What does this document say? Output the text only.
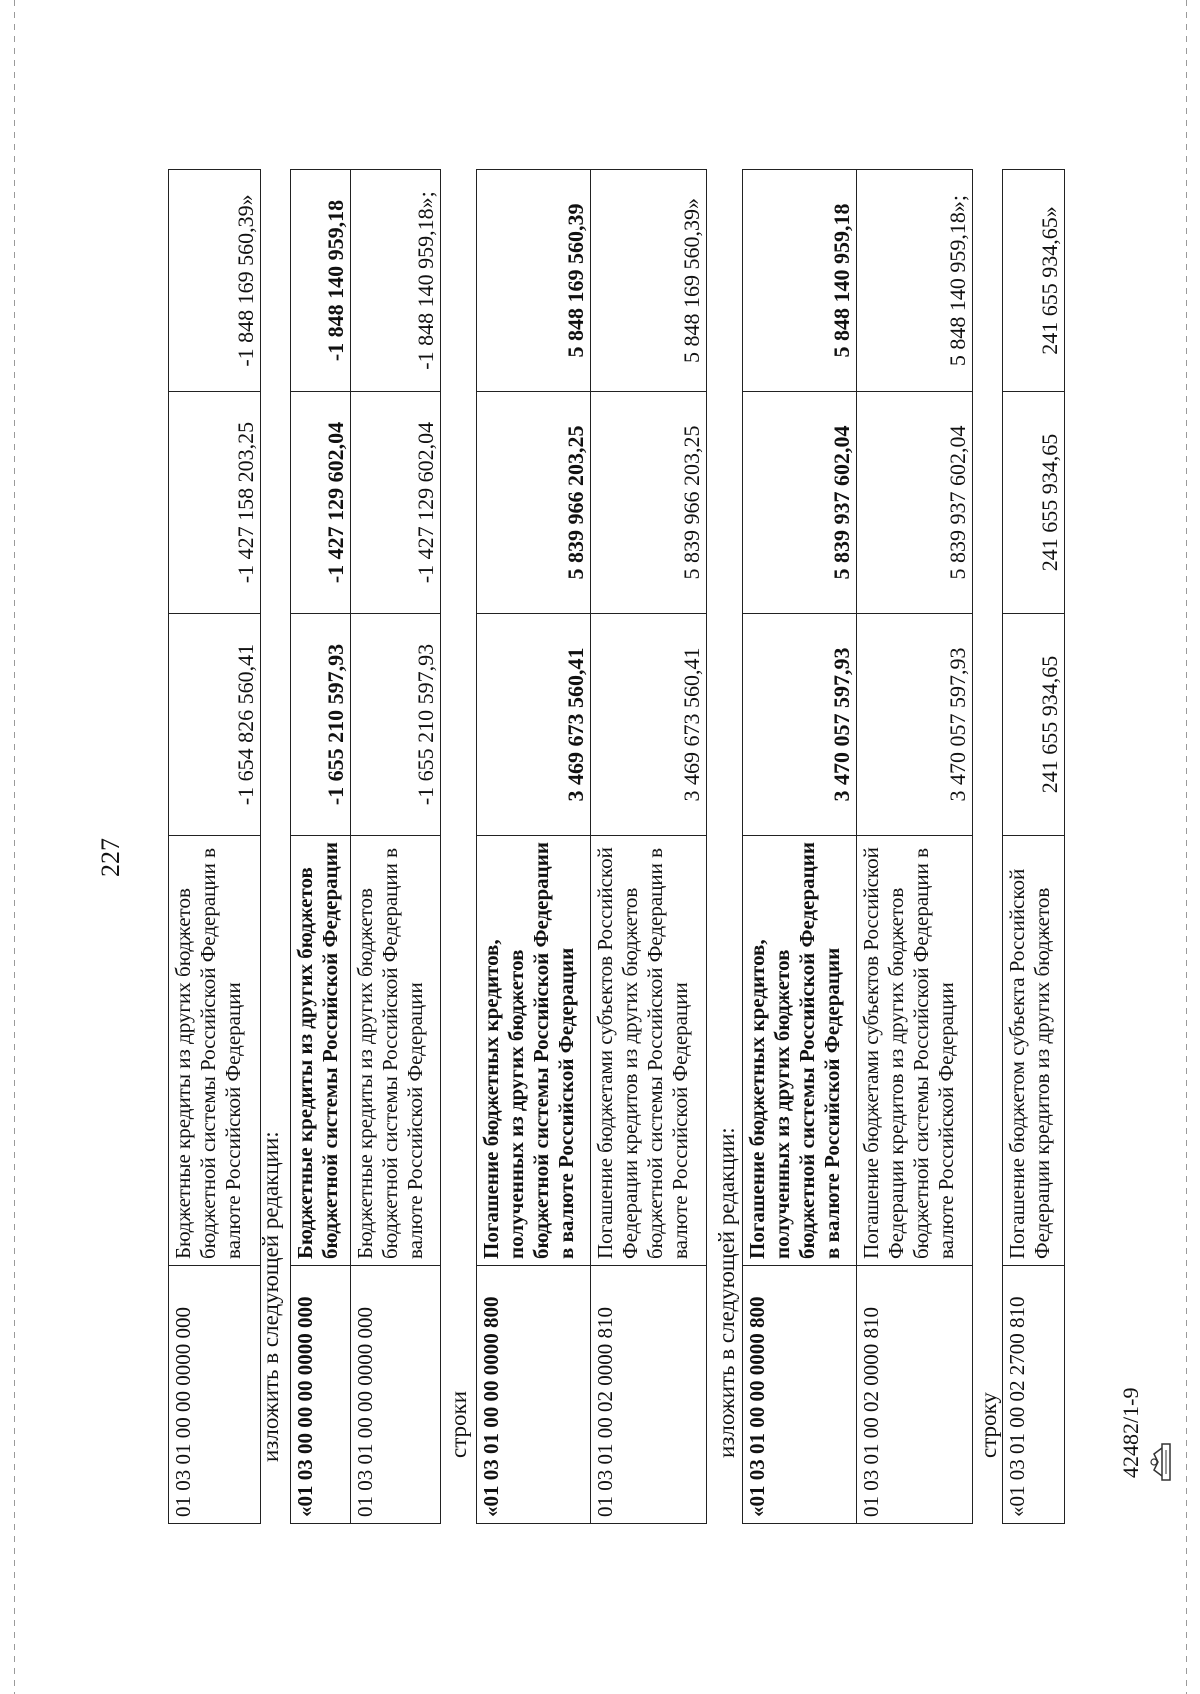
227
01 03 01 00 00 0000 000	Бюджетные кредиты из других бюджетов бюджетной системы Российской Федерации в валюте Российской Федерации	-1 654 826 560,41	-1 427 158 203,25	-1 848 169 560,39»
изложить в следующей редакции: «01 03 00 00 00 0000 000	Бюджетные кредиты из других бюджетов бюджетной системы Российской Федерации	-1 655 210 597,93	-1 427 129 602,04	-1 848 140 959,18
01 03 01 00 00 0000 000	Бюджетные кредиты из других бюджетов бюджетной системы Российской Федерации в валюте Российской Федерации	-1 655 210 597,93	-1 427 129 602,04	-1 848 140 959,18»;
строки «01 03 01 00 00 0000 800	Погашение бюджетных кредитов, полученных из других бюджетов бюджетной системы Российской Федерации в валюте Российской Федерации	3 469 673 560,41	5 839 966 203,25	5 848 169 560,39
01 03 01 00 02 0000 810	Погашение бюджетами субъектов Российской Федерации кредитов из других бюджетов бюджетной системы Российской Федерации в валюте Российской Федерации	3 469 673 560,41	5 839 966 203,25	5 848 169 560,39»
изложить в следующей редакции: «01 03 01 00 00 0000 800	Погашение бюджетных кредитов, полученных из других бюджетов бюджетной системы Российской Федерации в валюте Российской Федерации	3 470 057 597,93	5 839 937 602,04	5 848 140 959,18
01 03 01 00 02 0000 810	Погашение бюджетами субъектов Российской Федерации кредитов из других бюджетов бюджетной системы Российской Федерации в валюте Российской Федерации	3 470 057 597,93	5 839 937 602,04	5 848 140 959,18»;
строку «01 03 01 00 02 2700 810	Погашение бюджетом субъекта Российской Федерации кредитов из других бюджетов	241 655 934,65	241 655 934,65	241 655 934,65»
42482/1-9
